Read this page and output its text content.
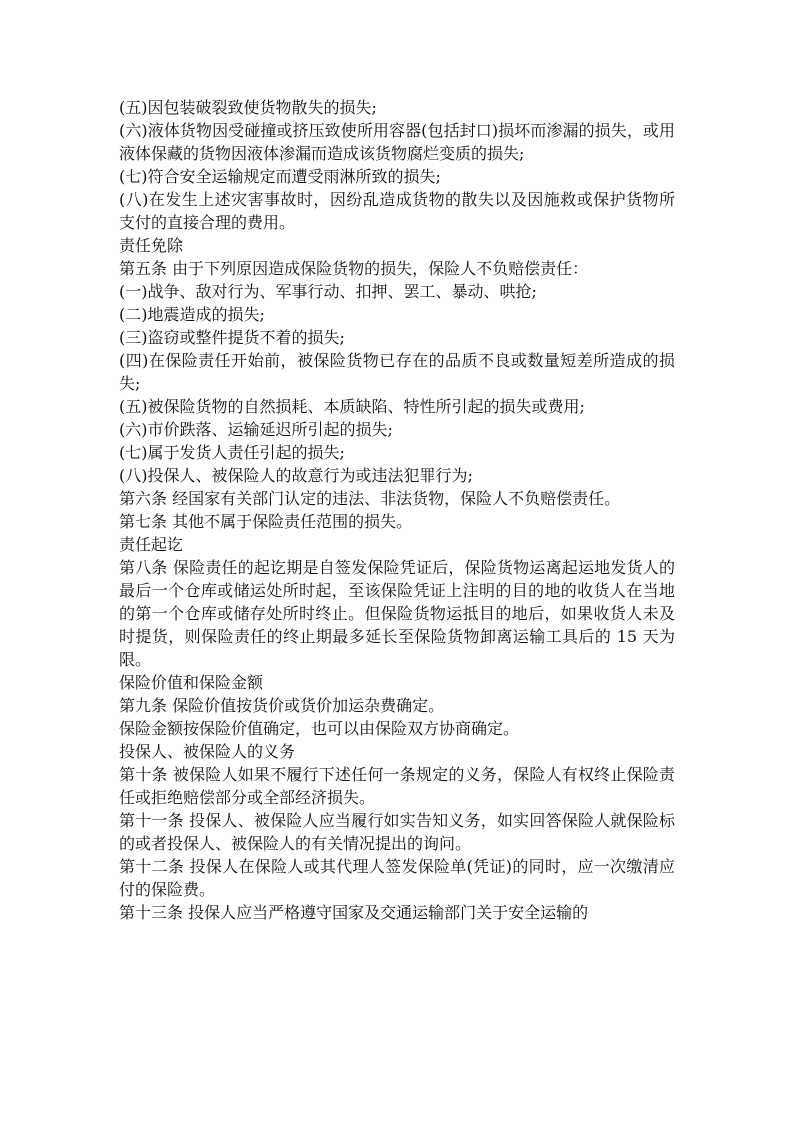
(五)因包装破裂致使货物散失的损失;

(六)液体货物因受碰撞或挤压致使所用容器(包括封口)损坏而渗漏的损失，或用液体保藏的货物因液体渗漏而造成该货物腐烂变质的损失;

(七)符合安全运输规定而遭受雨淋所致的损失;

(八)在发生上述灾害事故时，因纷乱造成货物的散失以及因施救或保护货物所支付的直接合理的费用。

责任免除

第五条 由于下列原因造成保险货物的损失，保险人不负赔偿责任：

(一)战争、敌对行为、军事行动、扣押、罢工、暴动、哄抢;

(二)地震造成的损失;

(三)盗窃或整件提货不着的损失;

(四)在保险责任开始前，被保险货物已存在的品质不良或数量短差所造成的损失;

(五)被保险货物的自然损耗、本质缺陷、特性所引起的损失或费用;

(六)市价跌落、运输延迟所引起的损失;

(七)属于发货人责任引起的损失;

(八)投保人、被保险人的故意行为或违法犯罪行为;

第六条 经国家有关部门认定的违法、非法货物，保险人不负赔偿责任。

第七条 其他不属于保险责任范围的损失。

责任起讫

第八条 保险责任的起讫期是自签发保险凭证后，保险货物运离起运地发货人的最后一个仓库或储运处所时起，至该保险凭证上注明的目的地的收货人在当地的第一个仓库或储存处所时终止。但保险货物运抵目的地后，如果收货人未及时提货，则保险责任的终止期最多延长至保险货物卸离运输工具后的 15 天为限。

保险价值和保险金额

第九条 保险价值按货价或货价加运杂费确定。

保险金额按保险价值确定，也可以由保险双方协商确定。

投保人、被保险人的义务

第十条 被保险人如果不履行下述任何一条规定的义务，保险人有权终止保险责任或拒绝赔偿部分或全部经济损失。

第十一条 投保人、被保险人应当履行如实告知义务，如实回答保险人就保险标的或者投保人、被保险人的有关情况提出的询问。

第十二条 投保人在保险人或其代理人签发保险单(凭证)的同时，应一次缴清应付的保险费。

第十三条 投保人应当严格遵守国家及交通运输部门关于安全运输的
